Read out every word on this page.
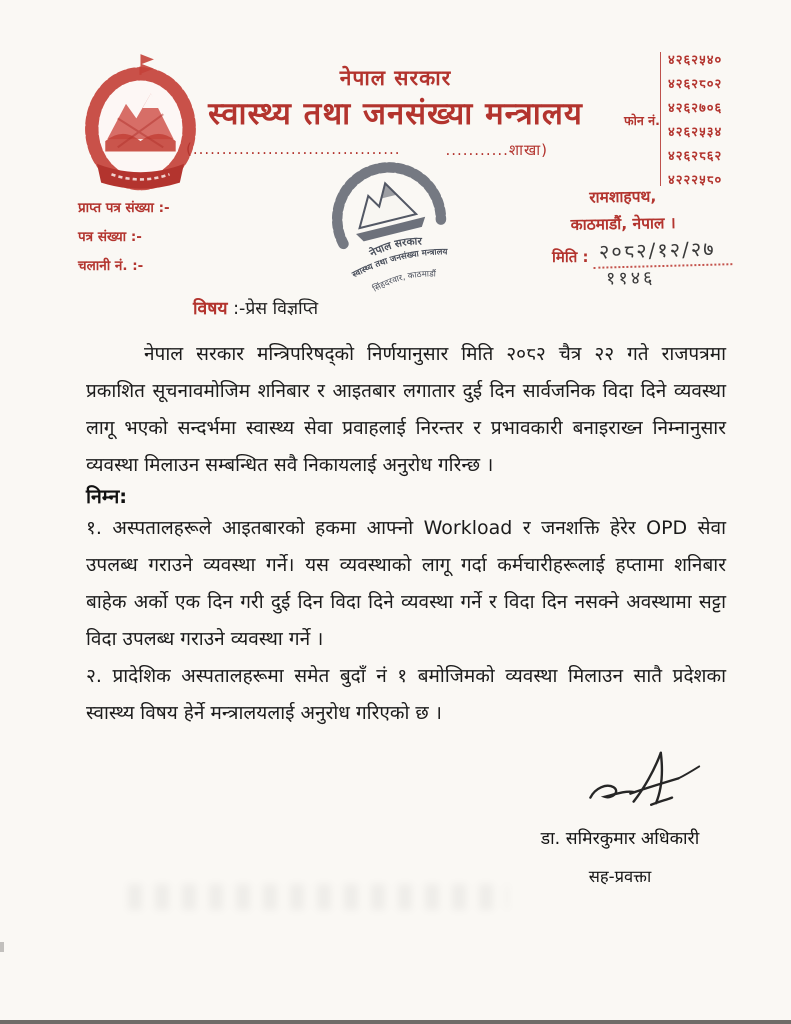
नेपाल सरकार
स्वास्थ्य तथा जनसंख्या मन्त्रालय
(....................................	...........शाखा)
फोन नं.
४२६२५४०
४२६२८०२
४२६२७०६
४२६२५३४
४२६२८६२
४२२२५८०
रामशाहपथ,
काठमाडौं, नेपाल ।
प्राप्त पत्र संख्या :-
पत्र संख्या :-
चलानी नं. :-	मिति : २०८२/१२/२७
११४६
नेपाल सरकार
स्वास्थ्य तथा जनसंख्या मन्त्रालय
सिंहदरवार, काठमाडौं
विषय :-प्रेस विज्ञप्ति
नेपाल सरकार मन्त्रिपरिषद्को निर्णयानुसार मिति २०८२ चैत्र २२ गते राजपत्रमा प्रकाशित सूचनावमोजिम शनिबार र आइतबार लगातार दुई दिन सार्वजनिक विदा दिने व्यवस्था लागू भएको सन्दर्भमा स्वास्थ्य सेवा प्रवाहलाई निरन्तर र प्रभावकारी बनाइराख्न निम्नानुसार व्यवस्था मिलाउन सम्बन्धित सवै निकायलाई अनुरोध गरिन्छ ।
निम्न:
१. अस्पतालहरूले आइतबारको हकमा आफ्नो Workload र जनशक्ति हेरेर OPD सेवा उपलब्ध गराउने व्यवस्था गर्ने। यस व्यवस्थाको लागू गर्दा कर्मचारीहरूलाई हप्तामा शनिबार बाहेक अर्को एक दिन गरी दुई दिन विदा दिने व्यवस्था गर्ने र विदा दिन नसक्ने अवस्थामा सट्टा विदा उपलब्ध गराउने व्यवस्था गर्ने ।
२. प्रादेशिक अस्पतालहरूमा समेत बुदाँ नं १ बमोजिमको व्यवस्था मिलाउन सातै प्रदेशका स्वास्थ्य विषय हेर्ने मन्त्रालयलाई अनुरोध गरिएको छ ।
डा. समिरकुमार अधिकारी
सह-प्रवक्ता
